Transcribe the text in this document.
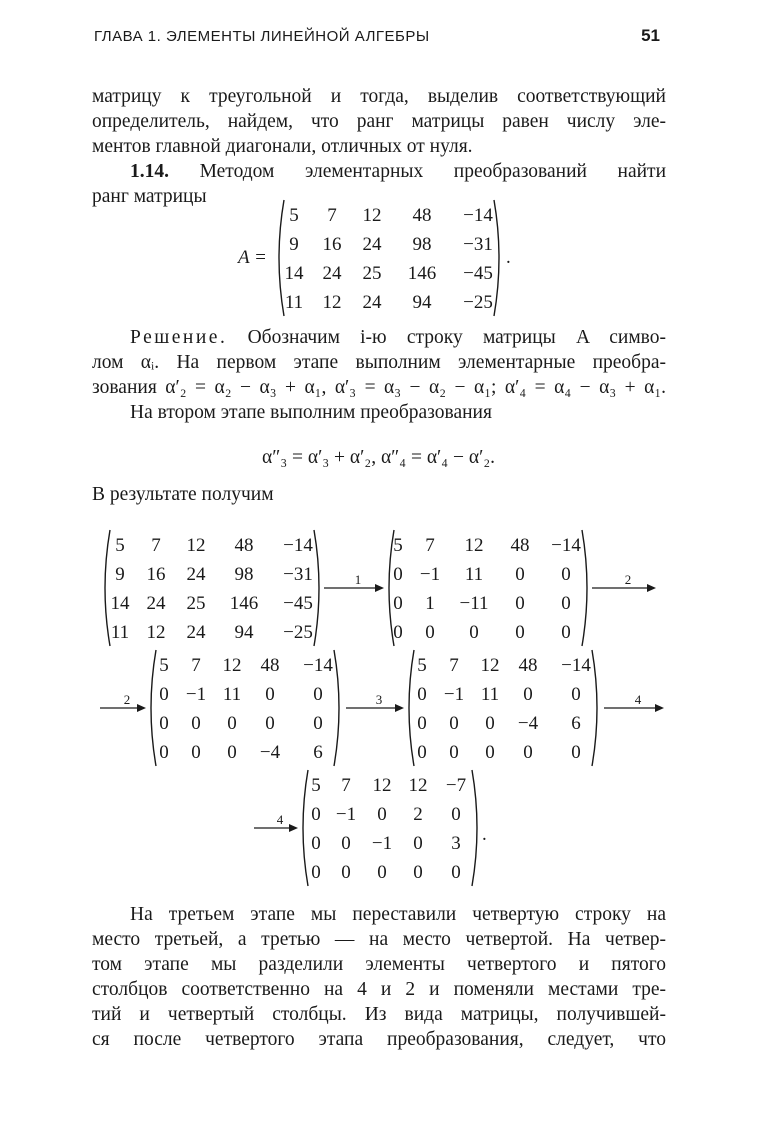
ГЛАВА 1. ЭЛЕМЕНТЫ ЛИНЕЙНОЙ АЛГЕБРЫ	51
матрицу к треугольной и тогда, выделив соответствующий
определитель, найдем, что ранг матрицы равен числу эле-
ментов главной диагонали, отличных от нуля.
1.14. Методом элементарных преобразований найти
ранг матрицы
A =
5 7 12 48 −14
9 16 24 98 −31
14 24 25 146 −45
11 12 24 94 −25
.
Решение. Обозначим i-ю строку матрицы A симво-
лом αᵢ. На первом этапе выполним элементарные преобра-
зования α′₂ = α₂ − α₃ + α₁, α′₃ = α₃ − α₂ − α₁; α′₄ = α₄ − α₃ + α₁.
На втором этапе выполним преобразования
α″₃ = α′₃ + α′₂, α″₄ = α′₄ − α′₂.
В результате получим
5 7 12 48 −14
9 16 24 98 −31
14 24 25 146 −45
11 12 24 94 −25
1
5 7 12 48 −14
0 −1 11 0 0
0 1 −11 0 0
0 0 0 0 0
2
2
5 7 12 48 −14
0 −1 11 0 0
0 0 0 0 0
0 0 0 −4 6
3
5 7 12 48 −14
0 −1 11 0 0
0 0 0 −4 6
0 0 0 0 0
4
4
5 7 12 12 −7
0 −1 0 2 0
0 0 −1 0 3
0 0 0 0 0
.
На третьем этапе мы переставили четвертую строку на
место третьей, а третью — на место четвертой. На четвер-
том этапе мы разделили элементы четвертого и пятого
столбцов соответственно на 4 и 2 и поменяли местами тре-
тий и четвертый столбцы. Из вида матрицы, получившей-
ся после четвертого этапа преобразования, следует, что
